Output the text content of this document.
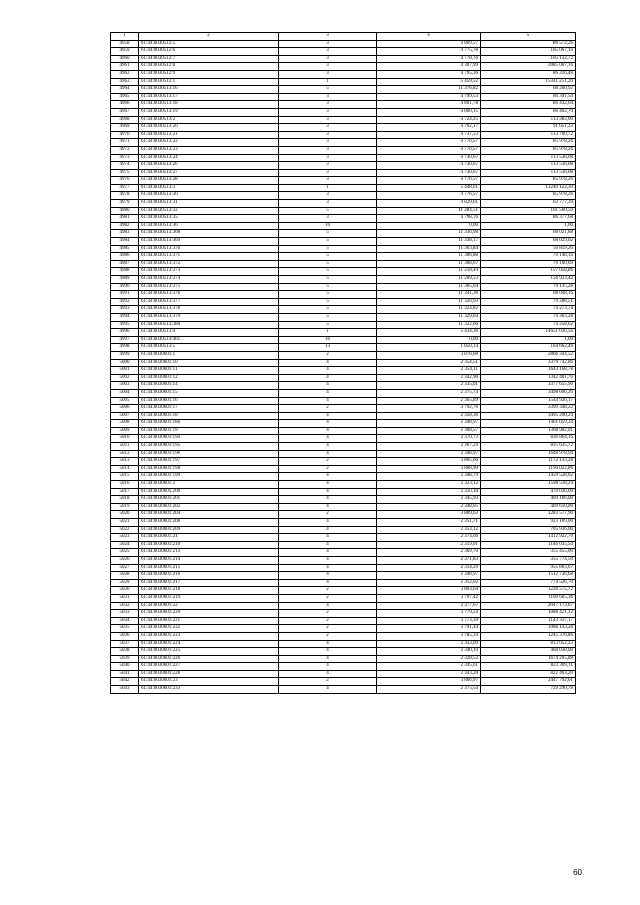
1	2	3	4	5
4958	61:44:0030512:5	3	4 809,57	86 572,26
4959	61:44:0030512:6	3	4 775,78	105 067,16
4960	61:44:0030512:7	3	4 778,76	105 132,72
4961	61:44:0030512:8	3	4 307,99	2085 067,16
4962	61:44:0030512:9	3	4 795,36	86 316,48
4963	61:44:0030513:1	1	5 459,52	15341 251,20
4964	61:44:0030513:16	5	11 376,82	68 260,92
4965	61:44:0030513:17	3	4 799,53	86 391,54
4966	61:44:0030513:18	3	4 801,78	86 432,04
4967	61:44:0030513:19	3	4 800,15	86 402,70
4968	61:44:0030513:2	3	4 724,25	113 382,00
4969	61:44:0030513:20	3	4 792,17	91 051,23
4970	61:44:0030513:21	3	4 737,53	113 700,72
4971	61:44:0030513:22	3	4 776,57	85 978,26
4972	61:44:0030513:23	3	4 776,57	85 978,26
4973	61:44:0030513:24	3	4 730,67	113 536,08
4974	61:44:0030513:26	3	4 730,67	113 536,08
4975	61:44:0030513:27	3	4 730,67	113 536,08
4976	61:44:0030513:28	3	4 776,57	85 978,26
4977	61:44:0030513:3	1	5 448,61	13240 122,30
4978	61:44:0030513:30	3	4 776,57	85 978,26
4979	61:44:0030513:31	3	4 829,01	62 777,39
4980	61:44:0030513:32	5	11 284,51	101 560,59
4981	61:44:0030513:35	3	4 798,76	86 377,68
4982	61:44:0030513:36	16	0,00	1,00
4983	61:44:0030513:368	5	11 336,98	68 021,88
4984	61:44:0030513:369	5	11 338,17	68 029,02
4985	61:44:0030513:370	5	11 363,84	56 819,20
4986	61:44:0030513:371	5	11 306,88	79 148,16
4987	61:44:0030513:372	5	11 308,67	79 160,69
4988	61:44:0030513:373	5	11 218,49	157 058,86
4989	61:44:0030513:374	5	11 209,53	156 933,42
4990	61:44:0030513:375	5	11 305,04	79 135,28
4991	61:44:0030513:376	5	11 341,36	68 048,16
4992	61:44:0030513:377	5	11 326,93	79 288,51
4993	61:44:0030513:378	5	11 324,82	79 273,74
4994	61:44:0030513:379	5	11 329,04	79 303,28
4995	61:44:0030513:380	5	11 322,66	79 258,62
4996	61:44:0030513:4	1	5 434,36	14651 036,56
4997	61:44:0030513:461	16	0,00	1,00
4998	61:44:0030513:5	13	1 850,14	164 662,46
4999	61:44:0030601:1	2	3 878,68	2866 344,52
5000	61:44:0030601:10	4	2 354,51	3379 742,86
5001	61:44:0030601:11	4	2 354,11	1643 168,78
5002	61:44:0030601:12	4	2 342,90	1342 481,70
5003	61:44:0030601:14	4	2 335,01	3377 655,90
5004	61:44:0030601:15	4	2 375,74	3498 606,20
5005	61:44:0030601:16	4	2 365,89	1544 926,17
5006	61:44:0030601:17	2	3 792,76	3399 348,22
5007	61:44:0030601:18	4	2 358,36	3495 200,24
5008	61:44:0030601:186	4	2 348,97	1461 059,34
5009	61:44:0030601:19	4	2 308,57	1368 982,01
5010	61:44:0030601:194	4	2 370,72	836 864,16
5011	61:44:0030601:195	4	2 367,24	835 635,72
5012	61:44:0030601:196	4	2 348,97	1648 978,94
5013	61:44:0030601:197	2	3 805,66	1172 143,28
5014	61:44:0030601:198	2	3 808,99	1196 022,86
5015	61:44:0030601:199	4	2 348,79	1459 528,02
5016	61:44:0030601:2	4	2 323,12	1598 518,24
5017	61:44:0030601:200	4	2 350,18	470 036,00
5018	61:44:0030601:201	4	2 345,93	469 186,00
5019	61:44:0030601:202	4	2 348,05	469 610,00
5020	61:44:0030601:204	2	3 889,63	1283 577,90
5021	61:44:0030601:208	4	2 351,71	923 109,00
5022	61:44:0030601:209	4	2 353,12	705 936,00
5023	61:44:0030601:21	4	2 374,66	1412 922,70
5024	61:44:0030601:210	4	2 319,91	1146 035,54
5025	61:44:0030601:213	4	2 369,70	355 455,00
5026	61:44:0030601:214	4	2 371,83	355 774,50
5027	61:44:0030601:215	4	2 314,29	955 803,07
5028	61:44:0030601:216	4	2 348,97	1512 736,68
5029	61:44:0030601:217	4	2 312,02	774 526,70
5030	61:44:0030601:218	2	3 803,64	1228 575,72
5031	61:44:0030601:219	2	3 797,42	1169 605,36
5032	61:44:0030601:22	4	2 377,67	2047 173,87
5033	61:44:0030601:220	2	3 779,24	1088 421,12
5034	61:44:0030601:221	2	3 773,39	1143 337,17
5035	61:44:0030601:222	2	3 791,44	1088 143,28
5036	61:44:0030601:223	2	3 785,34	1245 376,86
5037	61:44:0030601:224	4	2 343,09	813 052,23
5038	61:44:0030601:225	4	2 340,19	468 038,00
5039	61:44:0030601:226	4	2 328,52	1674 205,88
5040	61:44:0030601:227	4	2 345,61	823 309,11
5041	61:44:0030601:228	4	2 343,20	822 463,20
5042	61:44:0030601:23	2	3 866,97	2447 792,01
5043	61:44:0030601:233	4	2 375,54	729 290,78
60
